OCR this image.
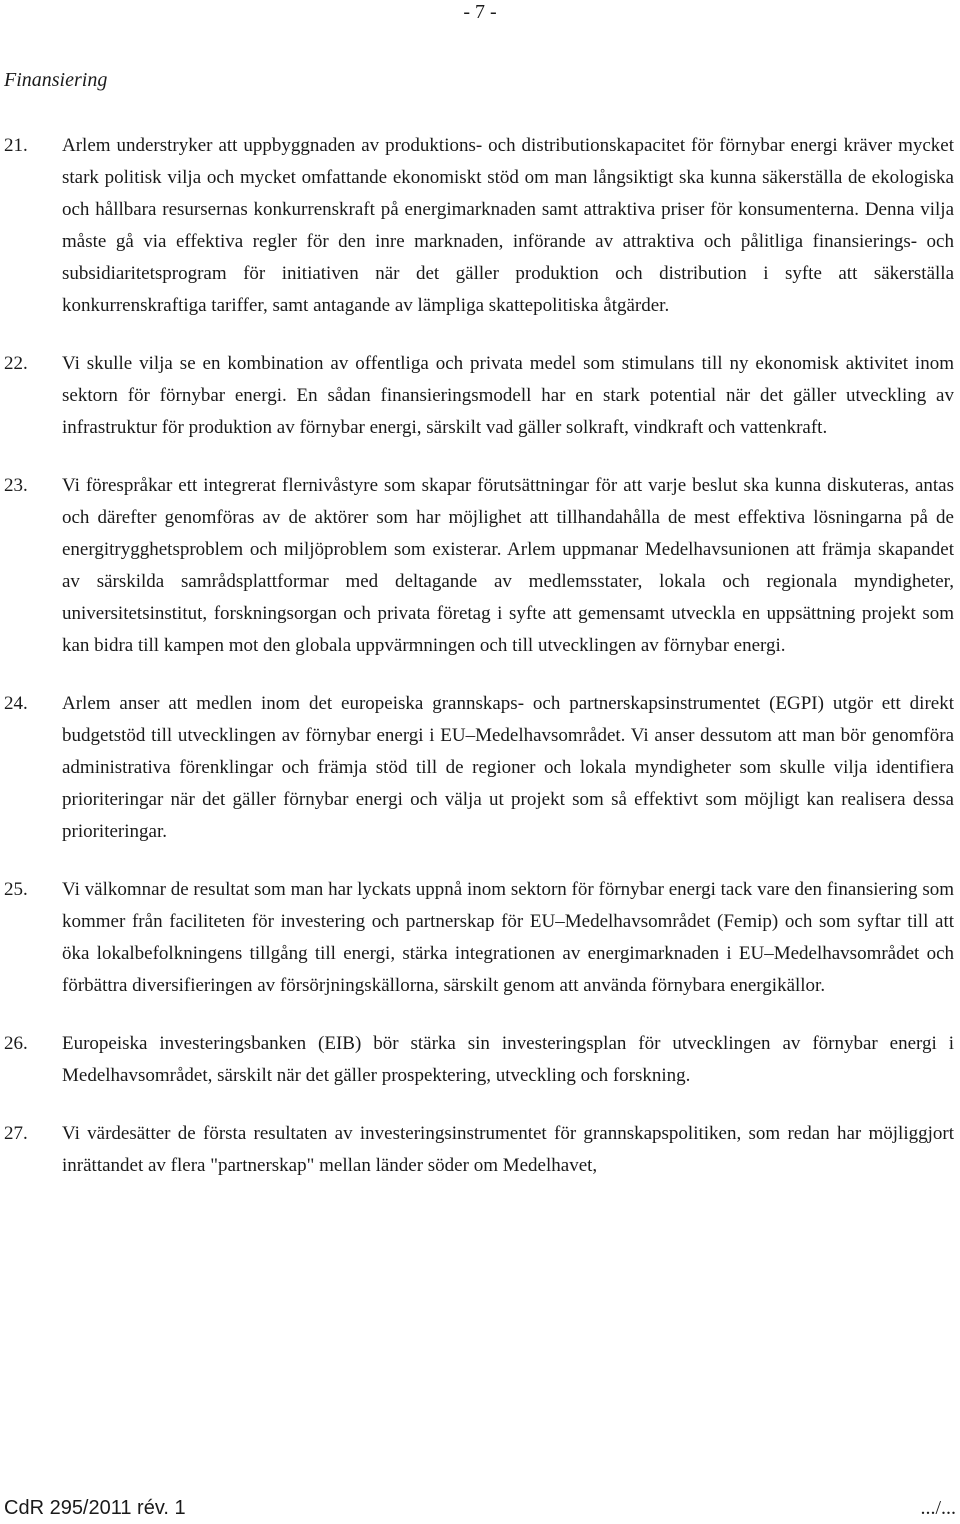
- 7 -
Finansiering
21.	Arlem understryker att uppbyggnaden av produktions- och distributionskapacitet för förnybar energi kräver mycket stark politisk vilja och mycket omfattande ekonomiskt stöd om man långsiktigt ska kunna säkerställa de ekologiska och hållbara resursernas konkurrenskraft på energimarknaden samt attraktiva priser för konsumenterna. Denna vilja måste gå via effektiva regler för den inre marknaden, införande av attraktiva och pålitliga finansierings- och subsidiaritetsprogram för initiativen när det gäller produktion och distribution i syfte att säkerställa konkurrenskraftiga tariffer, samt antagande av lämpliga skattepolitiska åtgärder.
22.	Vi skulle vilja se en kombination av offentliga och privata medel som stimulans till ny ekonomisk aktivitet inom sektorn för förnybar energi. En sådan finansieringsmodell har en stark potential när det gäller utveckling av infrastruktur för produktion av förnybar energi, särskilt vad gäller solkraft, vindkraft och vattenkraft.
23.	Vi förespråkar ett integrerat flernivåstyre som skapar förutsättningar för att varje beslut ska kunna diskuteras, antas och därefter genomföras av de aktörer som har möjlighet att tillhandahålla de mest effektiva lösningarna på de energitrygghetsproblem och miljöproblem som existerar. Arlem uppmanar Medelhavsunionen att främja skapandet av särskilda samrådsplattformar med deltagande av medlemsstater, lokala och regionala myndigheter, universitetsinstitut, forskningsorgan och privata företag i syfte att gemensamt utveckla en uppsättning projekt som kan bidra till kampen mot den globala uppvärmningen och till utvecklingen av förnybar energi.
24.	Arlem anser att medlen inom det europeiska grannskaps- och partnerskapsinstrumentet (EGPI) utgör ett direkt budgetstöd till utvecklingen av förnybar energi i EU–Medelhavsområdet. Vi anser dessutom att man bör genomföra administrativa förenklingar och främja stöd till de regioner och lokala myndigheter som skulle vilja identifiera prioriteringar när det gäller förnybar energi och välja ut projekt som så effektivt som möjligt kan realisera dessa prioriteringar.
25.	Vi välkomnar de resultat som man har lyckats uppnå inom sektorn för förnybar energi tack vare den finansiering som kommer från faciliteten för investering och partnerskap för EU–Medelhavsområdet (Femip) och som syftar till att öka lokalbefolkningens tillgång till energi, stärka integrationen av energimarknaden i EU–Medelhavsområdet och förbättra diversifieringen av försörjningskällorna, särskilt genom att använda förnybara energikällor.
26.	Europeiska investeringsbanken (EIB) bör stärka sin investeringsplan för utvecklingen av förnybar energi i Medelhavsområdet, särskilt när det gäller prospektering, utveckling och forskning.
27.	Vi värdesätter de första resultaten av investeringsinstrumentet för grannskapspolitiken, som redan har möjliggjort inrättandet av flera "partnerskap" mellan länder söder om Medelhavet,
CdR 295/2011 rév. 1	.../...
